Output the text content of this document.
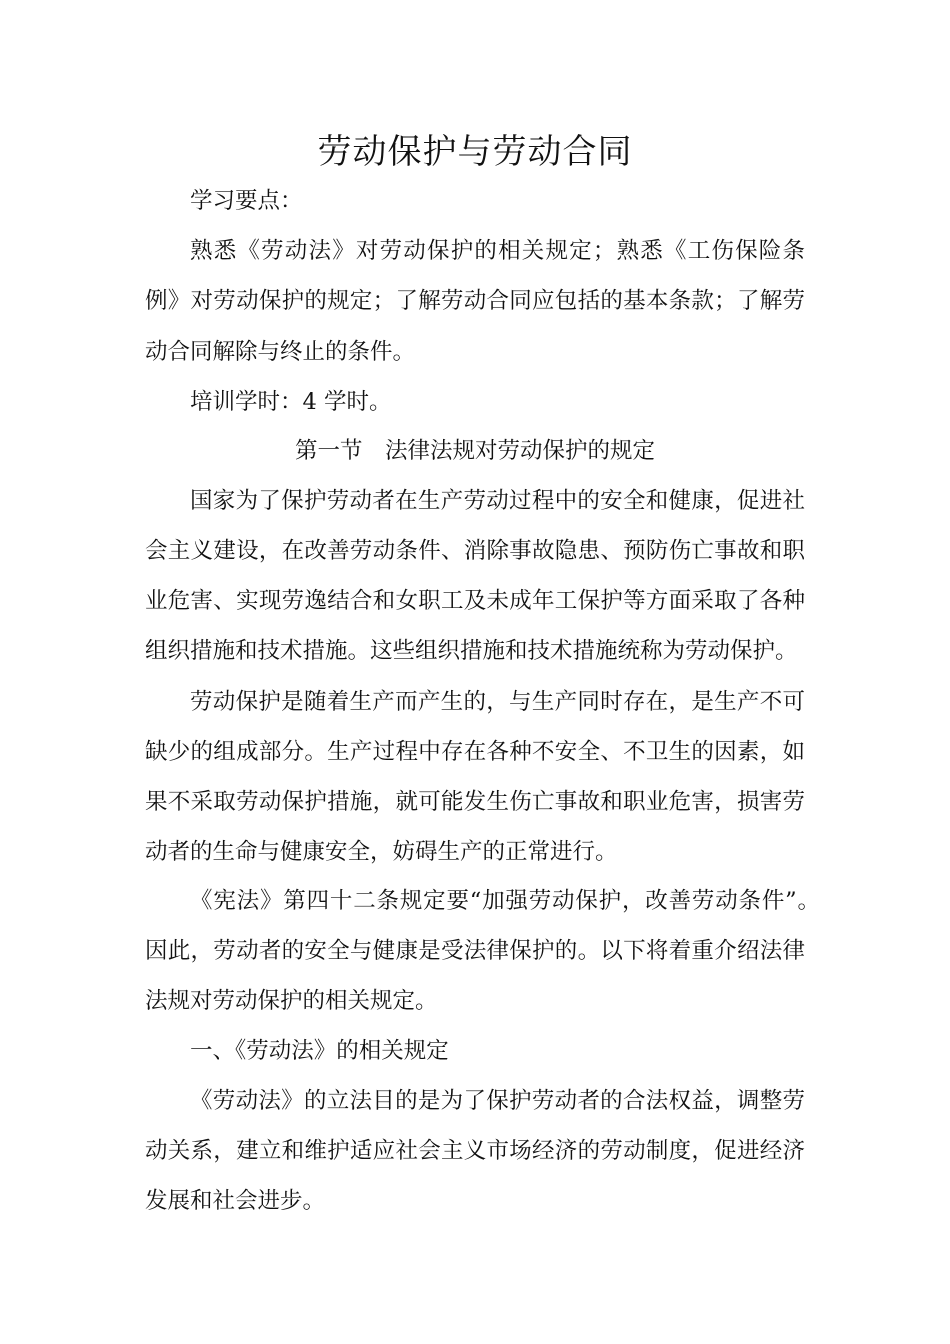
劳动保护与劳动合同
学习要点：
熟悉《劳动法》对劳动保护的相关规定；熟悉《工伤保险条
例》对劳动保护的规定；了解劳动合同应包括的基本条款；了解劳
动合同解除与终止的条件。
培训学时：4 学时。
第一节　法律法规对劳动保护的规定
国家为了保护劳动者在生产劳动过程中的安全和健康，促进社
会主义建设，在改善劳动条件、消除事故隐患、预防伤亡事故和职
业危害、实现劳逸结合和女职工及未成年工保护等方面采取了各种
组织措施和技术措施。这些组织措施和技术措施统称为劳动保护。
劳动保护是随着生产而产生的，与生产同时存在，是生产不可
缺少的组成部分。生产过程中存在各种不安全、不卫生的因素，如
果不采取劳动保护措施，就可能发生伤亡事故和职业危害，损害劳
动者的生命与健康安全，妨碍生产的正常进行。
《宪法》第四十二条规定要“加强劳动保护，改善劳动条件”。
因此，劳动者的安全与健康是受法律保护的。以下将着重介绍法律
法规对劳动保护的相关规定。
一、《劳动法》的相关规定
《劳动法》的立法目的是为了保护劳动者的合法权益，调整劳
动关系，建立和维护适应社会主义市场经济的劳动制度，促进经济
发展和社会进步。
